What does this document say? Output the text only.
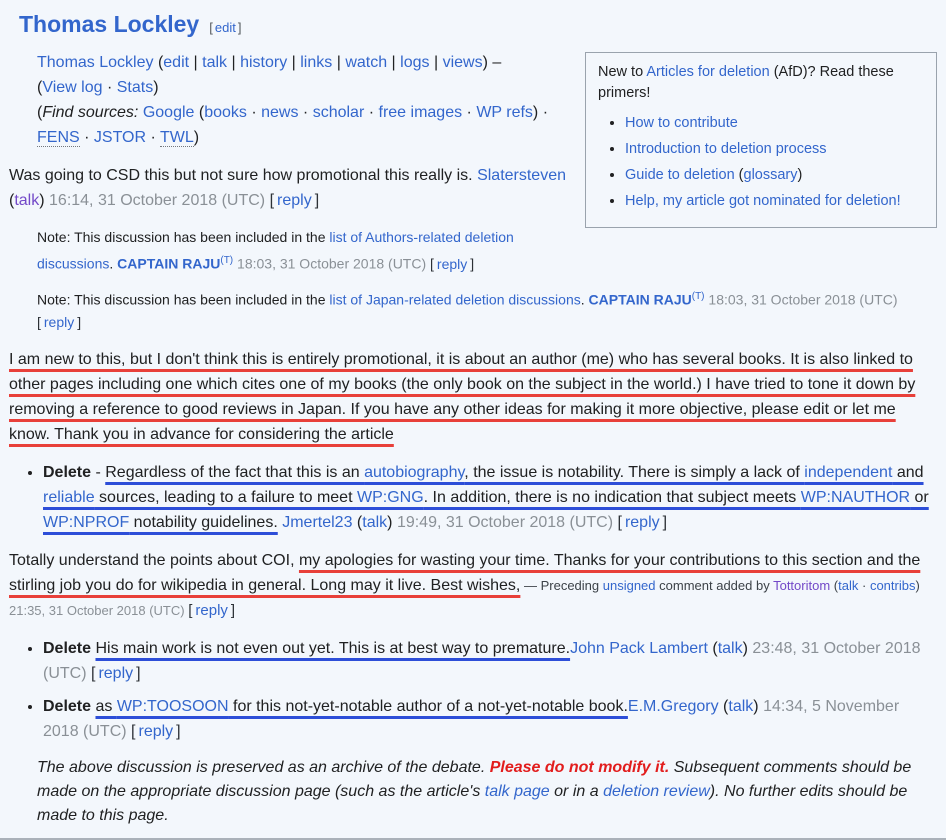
Thomas Lockley [ edit ]
New to Articles for deletion (AfD)? Read these primers!
• How to contribute
• Introduction to deletion process
• Guide to deletion (glossary)
• Help, my article got nominated for deletion!
Thomas Lockley (edit | talk | history | links | watch | logs | views) –
(View log · Stats)
(Find sources: Google (books · news · scholar · free images · WP refs) · FENS · JSTOR · TWL)
Was going to CSD this but not sure how promotional this really is. Slatersteven (talk) 16:14, 31 October 2018 (UTC) [ reply ]
Note: This discussion has been included in the list of Authors-related deletion discussions. CAPTAIN $RAJU^{(T)}$ 18:03, 31 October 2018 (UTC) [ reply ]
Note: This discussion has been included in the list of Japan-related deletion discussions. CAPTAIN $RAJU^{(T)}$ 18:03, 31 October 2018 (UTC) [ reply ]
I am new to this, but I don't think this is entirely promotional, it is about an author (me) who has several books. It is also linked to other pages including one which cites one of my books (the only book on the subject in the world.) I have tried to tone it down by removing a reference to good reviews in Japan. If you have any other ideas for making it more objective, please edit or let me know. Thank you in advance for considering the article
• Delete - Regardless of the fact that this is an autobiography, the issue is notability. There is simply a lack of independent and reliable sources, leading to a failure to meet WP:GNG. In addition, there is no indication that subject meets WP:NAUTHOR or WP:NPROF notability guidelines. Jmertel23 (talk) 19:49, 31 October 2018 (UTC) [ reply ]
Totally understand the points about COI, my apologies for wasting your time. Thanks for your contributions to this section and the stirling job you do for wikipedia in general. Long may it live. Best wishes, — Preceding unsigned comment added by Tottoritom (talk · contribs) 21:35, 31 October 2018 (UTC) [ reply ]
• Delete His main work is not even out yet. This is at best way to premature.John Pack Lambert (talk) 23:48, 31 October 2018 (UTC) [ reply ]
• Delete as WP:TOOSOON for this not-yet-notable author of a not-yet-notable book.E.M.Gregory (talk) 14:34, 5 November 2018 (UTC) [ reply ]
The above discussion is preserved as an archive of the debate. Please do not modify it. Subsequent comments should be made on the appropriate discussion page (such as the article's talk page or in a deletion review). No further edits should be made to this page.
